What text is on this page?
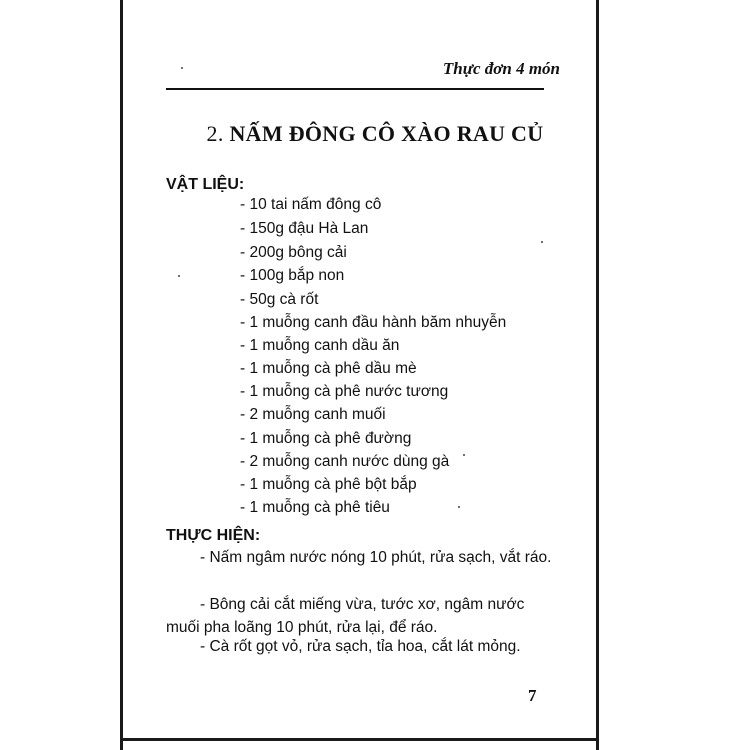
Thực đơn 4 món
2. NẤM ĐÔNG CÔ XÀO RAU CỦ
VẬT LIỆU:
- 10 tai nấm đông cô
- 150g đậu Hà Lan
- 200g bông cải
- 100g bắp non
- 50g cà rốt
- 1 muỗng canh đầu hành băm nhuyễn
- 1 muỗng canh dầu ăn
- 1 muỗng cà phê dầu mè
- 1 muỗng cà phê nước tương
- 2 muỗng canh muối
- 1 muỗng cà phê đường
- 2 muỗng canh nước dùng gà
- 1 muỗng cà phê bột bắp
- 1 muỗng cà phê tiêu
THỰC HIỆN:
- Nấm ngâm nước nóng 10 phút, rửa sạch, vắt ráo.
- Bông cải cắt miếng vừa, tước xơ, ngâm nước muối pha loãng 10 phút, rửa lại, để ráo.
- Cà rốt gọt vỏ, rửa sạch, tỉa hoa, cắt lát mỏng.
7
